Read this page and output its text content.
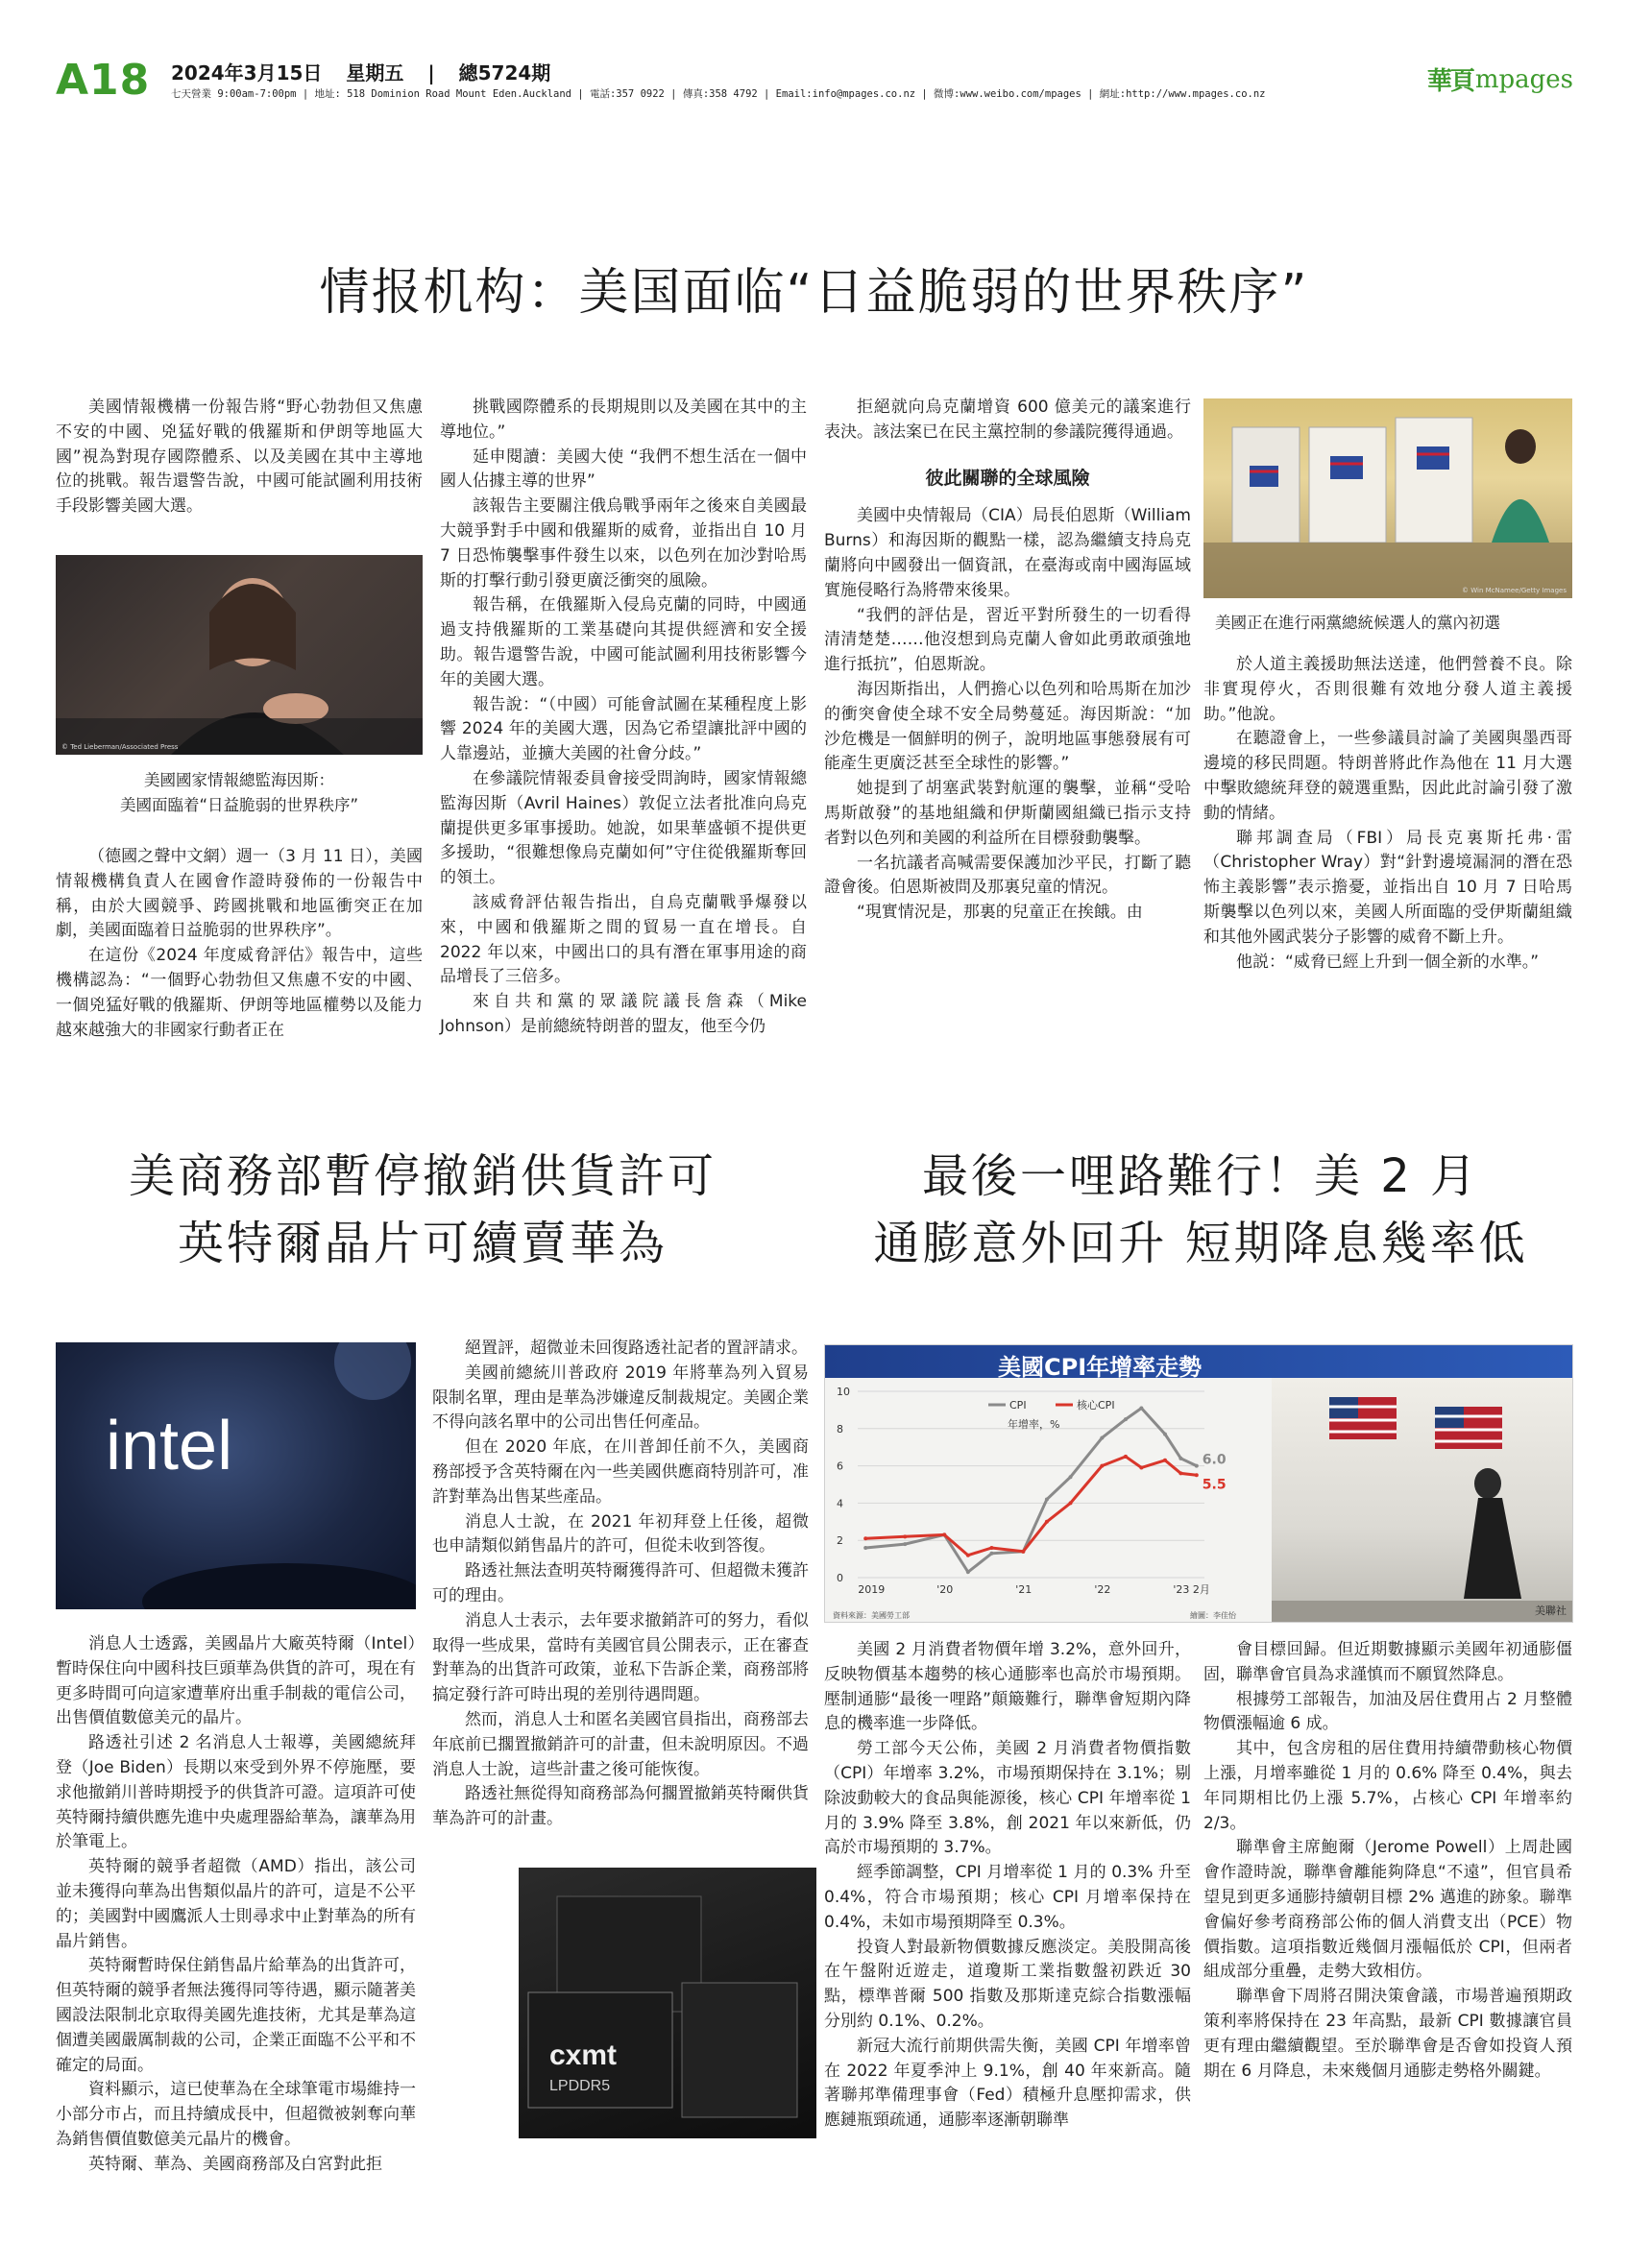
A18 2024年3月15日 星期五 | 總5724期
七天營業 9:00am-7:00pm | 地址: 518 Dominion Road Mount Eden.Auckland | 電話:357 0922 | 傳真:358 4792 | Email:info@mpages.co.nz | 微博:www.weibo.com/mpages | 網址:http://www.mpages.co.nz	華頁 mpages
情报机构：美国面临“日益脆弱的世界秩序”

美國情報機構一份報告將“野心勃勃但又焦慮不安的中國、兇猛好戰的俄羅斯和伊朗等地區大國”視為對現存國際體系、以及美國在其中主導地位的挑戰。報告還警告說，中國可能試圖利用技術手段影響美國大選。

© Ted Lieberman/Associated Press
美國國家情報總監海因斯：
美國面臨着“日益脆弱的世界秩序”

（德國之聲中文網）週一（3 月 11 日），美國情報機構負責人在國會作證時發佈的一份報告中稱，由於大國競爭、跨國挑戰和地區衝突正在加劇，美國面臨着日益脆弱的世界秩序”。

在這份《2024 年度威脅評估》報告中，這些機構認為：“一個野心勃勃但又焦慮不安的中國、一個兇猛好戰的俄羅斯、伊朗等地區權勢以及能力越來越強大的非國家行動者正在

挑戰國際體系的長期規則以及美國在其中的主導地位。”

延申閱讀：美國大使 “我們不想生活在一個中國人佔據主導的世界”

該報告主要關注俄烏戰爭兩年之後來自美國最大競爭對手中國和俄羅斯的威脅，並指出自 10 月 7 日恐怖襲擊事件發生以來，以色列在加沙對哈馬斯的打擊行動引發更廣泛衝突的風險。

報告稱，在俄羅斯入侵烏克蘭的同時，中國通過支持俄羅斯的工業基礎向其提供經濟和安全援助。報告還警告說，中國可能試圖利用技術影響今年的美國大選。

報告說：“（中國）可能會試圖在某種程度上影響 2024 年的美國大選，因為它希望讓批評中國的人靠邊站，並擴大美國的社會分歧。”

在參議院情報委員會接受問詢時，國家情報總監海因斯（Avril Haines）敦促立法者批准向烏克蘭提供更多軍事援助。她說，如果華盛頓不提供更多援助，“很難想像烏克蘭如何”守住從俄羅斯奪回的領土。

該威脅評估報告指出，自烏克蘭戰爭爆發以來，中國和俄羅斯之間的貿易一直在增長。自 2022 年以來，中國出口的具有潛在軍事用途的商品增長了三倍多。

來自共和黨的眾議院議長詹森（Mike Johnson）是前總統特朗普的盟友，他至今仍

拒絕就向烏克蘭增資 600 億美元的議案進行表決。該法案已在民主黨控制的參議院獲得通過。

彼此關聯的全球風險

美國中央情報局（CIA）局長伯恩斯（William Burns）和海因斯的觀點一樣，認為繼續支持烏克蘭將向中國發出一個資訊，在臺海或南中國海區域實施侵略行為將帶來後果。

“我們的評估是，習近平對所發生的一切看得清清楚楚……他沒想到烏克蘭人會如此勇敢頑強地進行抵抗”，伯恩斯說。

海因斯指出，人們擔心以色列和哈馬斯在加沙的衝突會使全球不安全局勢蔓延。海因斯說：“加沙危機是一個鮮明的例子，說明地區事態發展有可能產生更廣泛甚至全球性的影響。”

她提到了胡塞武裝對航運的襲擊，並稱“受哈馬斯啟發”的基地組織和伊斯蘭國組織已指示支持者對以色列和美國的利益所在目標發動襲擊。

一名抗議者高喊需要保護加沙平民，打斷了聽證會後。伯恩斯被問及那裏兒童的情況。

“現實情況是，那裏的兒童正在挨餓。由

© Win McNamee/Getty Images
美國正在進行兩黨總統候選人的黨內初選

於人道主義援助無法送達，他們營養不良。除非實現停火，否則很難有效地分發人道主義援助。”他說。

在聽證會上，一些參議員討論了美國與墨西哥邊境的移民問題。特朗普將此作為他在 11 月大選中擊敗總統拜登的競選重點，因此此討論引發了激動的情緒。

聯邦調查局（FBI）局長克裏斯托弗·雷（Christopher Wray）對“針對邊境漏洞的潛在恐怖主義影響”表示擔憂，並指出自 10 月 7 日哈馬斯襲擊以色列以來，美國人所面臨的受伊斯蘭組織和其他外國武裝分子影響的威脅不斷上升。

他説：“威脅已經上升到一個全新的水準。”

美商務部暫停撤銷供貨許可
英特爾晶片可續賣華為
intel

消息人士透露，美國晶片大廠英特爾（Intel）暫時保住向中國科技巨頭華為供貨的許可，現在有更多時間可向這家遭華府出重手制裁的電信公司，出售價值數億美元的晶片。

路透社引述 2 名消息人士報導，美國總統拜登（Joe Biden）長期以來受到外界不停施壓，要求他撤銷川普時期授予的供貨許可證。這項許可使英特爾持續供應先進中央處理器給華為，讓華為用於筆電上。

英特爾的競爭者超微（AMD）指出，該公司並未獲得向華為出售類似晶片的許可，這是不公平的；美國對中國鷹派人士則尋求中止對華為的所有晶片銷售。

英特爾暫時保住銷售晶片給華為的出貨許可，但英特爾的競爭者無法獲得同等待遇，顯示隨著美國設法限制北京取得美國先進技術，尤其是華為這個遭美國嚴厲制裁的公司，企業正面臨不公平和不確定的局面。

資料顯示，這已使華為在全球筆電市場維持一小部分市占，而且持續成長中，但超微被剝奪向華為銷售價值數億美元晶片的機會。

英特爾、華為、美國商務部及白宮對此拒

絕置評，超微並未回復路透社記者的置評請求。

美國前總統川普政府 2019 年將華為列入貿易限制名單，理由是華為涉嫌違反制裁規定。美國企業不得向該名單中的公司出售任何產品。

但在 2020 年底，在川普卸任前不久，美國商務部授予含英特爾在內一些美國供應商特別許可，准許對華為出售某些產品。

消息人士說，在 2021 年初拜登上任後，超微也申請類似銷售晶片的許可，但從未收到答復。

路透社無法查明英特爾獲得許可、但超微未獲許可的理由。

消息人士表示，去年要求撤銷許可的努力，看似取得一些成果，當時有美國官員公開表示，正在審查對華為的出貨許可政策，並私下告訴企業，商務部將搞定發行許可時出現的差別待遇問題。

然而，消息人士和匿名美國官員指出，商務部去年底前已擱置撤銷許可的計畫，但未說明原因。不過消息人士說，這些計畫之後可能恢復。

路透社無從得知商務部為何擱置撤銷英特爾供貨華為許可的計畫。

cxmt
LPDDR5
最後一哩路難行！美 2 月
通膨意外回升 短期降息幾率低
美國CPI年增率走勢
美聯社
0
2
4
6
8
10
2019	'20	'21	'22	'23 2月
6.0
5.5
CPI	核心CPI
年增率，%
資料來源：美國勞工部	繪圖：李佳怡

美國 2 月消費者物價年增 3.2%，意外回升，反映物價基本趨勢的核心通膨率也高於市場預期。壓制通膨“最後一哩路”顛簸難行，聯準會短期內降息的機率進一步降低。

勞工部今天公佈，美國 2 月消費者物價指數（CPI）年增率 3.2%，市場預期保持在 3.1%；剔除波動較大的食品與能源後，核心 CPI 年增率從 1 月的 3.9% 降至 3.8%，創 2021 年以來新低，仍高於市場預期的 3.7%。

經季節調整，CPI 月增率從 1 月的 0.3% 升至 0.4%，符合市場預期；核心 CPI 月增率保持在 0.4%，未如市場預期降至 0.3%。

投資人對最新物價數據反應淡定。美股開高後在午盤附近遊走，道瓊斯工業指數盤初跌近 30 點，標準普爾 500 指數及那斯達克綜合指數漲幅分別約 0.1%、0.2%。

新冠大流行前期供需失衡，美國 CPI 年增率曾在 2022 年夏季沖上 9.1%，創 40 年來新高。隨著聯邦準備理事會（Fed）積極升息壓抑需求，供應鏈瓶頸疏通，通膨率逐漸朝聯準

會目標回歸。但近期數據顯示美國年初通膨僵固，聯準會官員為求謹慎而不願貿然降息。

根據勞工部報告，加油及居住費用占 2 月整體物價漲幅逾 6 成。

其中，包含房租的居住費用持續帶動核心物價上漲，月增率雖從 1 月的 0.6% 降至 0.4%，與去年同期相比仍上漲 5.7%，占核心 CPI 年增率約 2/3。

聯準會主席鮑爾（Jerome Powell）上周赴國會作證時說，聯準會離能夠降息“不遠”，但官員希望見到更多通膨持續朝目標 2% 邁進的跡象。聯準會偏好參考商務部公佈的個人消費支出（PCE）物價指數。這項指數近幾個月漲幅低於 CPI，但兩者組成部分重疊，走勢大致相仿。

聯準會下周將召開決策會議，市場普遍預期政策利率將保持在 23 年高點，最新 CPI 數據讓官員更有理由繼續觀望。至於聯準會是否會如投資人預期在 6 月降息，未來幾個月通膨走勢格外關鍵。
